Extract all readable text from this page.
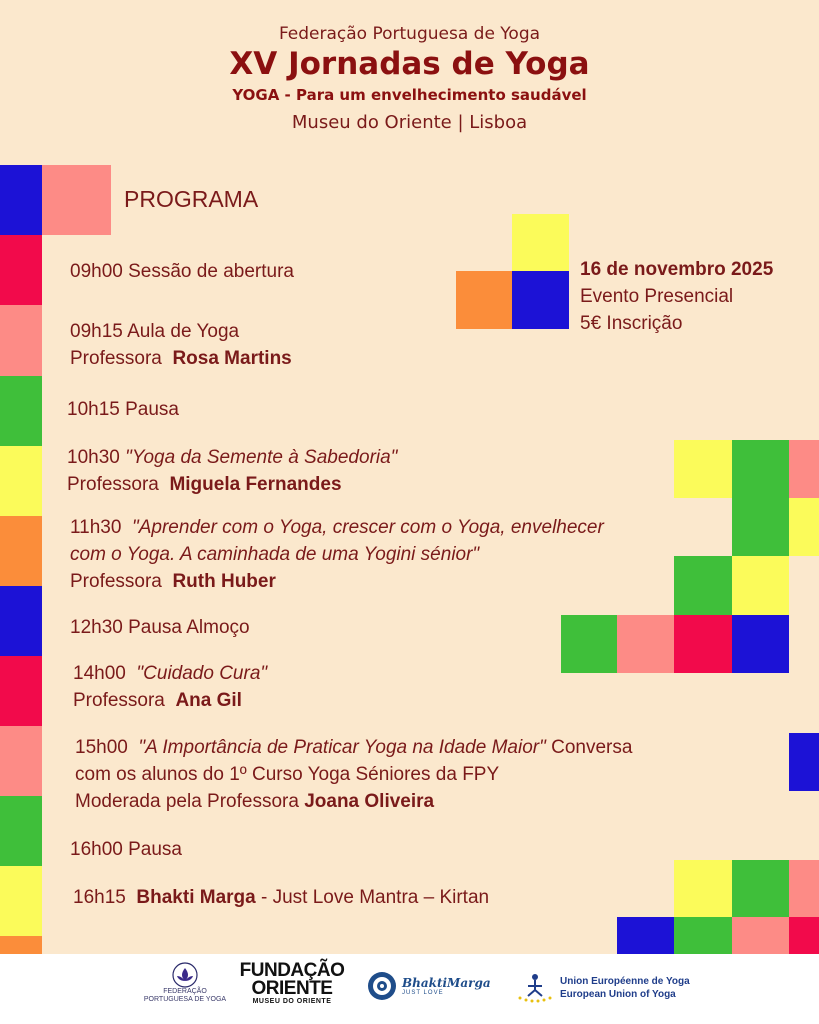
Federação Portuguesa de Yoga
XV Jornadas de Yoga
YOGA - Para um envelhecimento saudável
Museu do Oriente | Lisboa
PROGRAMA
16 de novembro 2025
Evento Presencial
5€ Inscrição
09h00 Sessão de abertura
09h15 Aula de Yoga
Professora Rosa Martins
10h15 Pausa
10h30 "Yoga da Semente à Sabedoria"
Professora Miguela Fernandes
11h30 "Aprender com o Yoga, crescer com o Yoga, envelhecer
com o Yoga. A caminhada de uma Yogini sénior"
Professora Ruth Huber
12h30 Pausa Almoço
14h00 "Cuidado Cura"
Professora Ana Gil
15h00 "A Importância de Praticar Yoga na Idade Maior" Conversa
com os alunos do 1º Curso Yoga Séniores da FPY
Moderada pela Professora Joana Oliveira
16h00 Pausa
16h15 Bhakti Marga - Just Love Mantra – Kirtan
FEDERAÇÃO
PORTUGUESA DE YOGA
FUNDAÇÃO
ORIENTE
MUSEU DO ORIENTE
BhaktiMarga
JUST LOVE
Union Européenne de Yoga
European Union of Yoga
